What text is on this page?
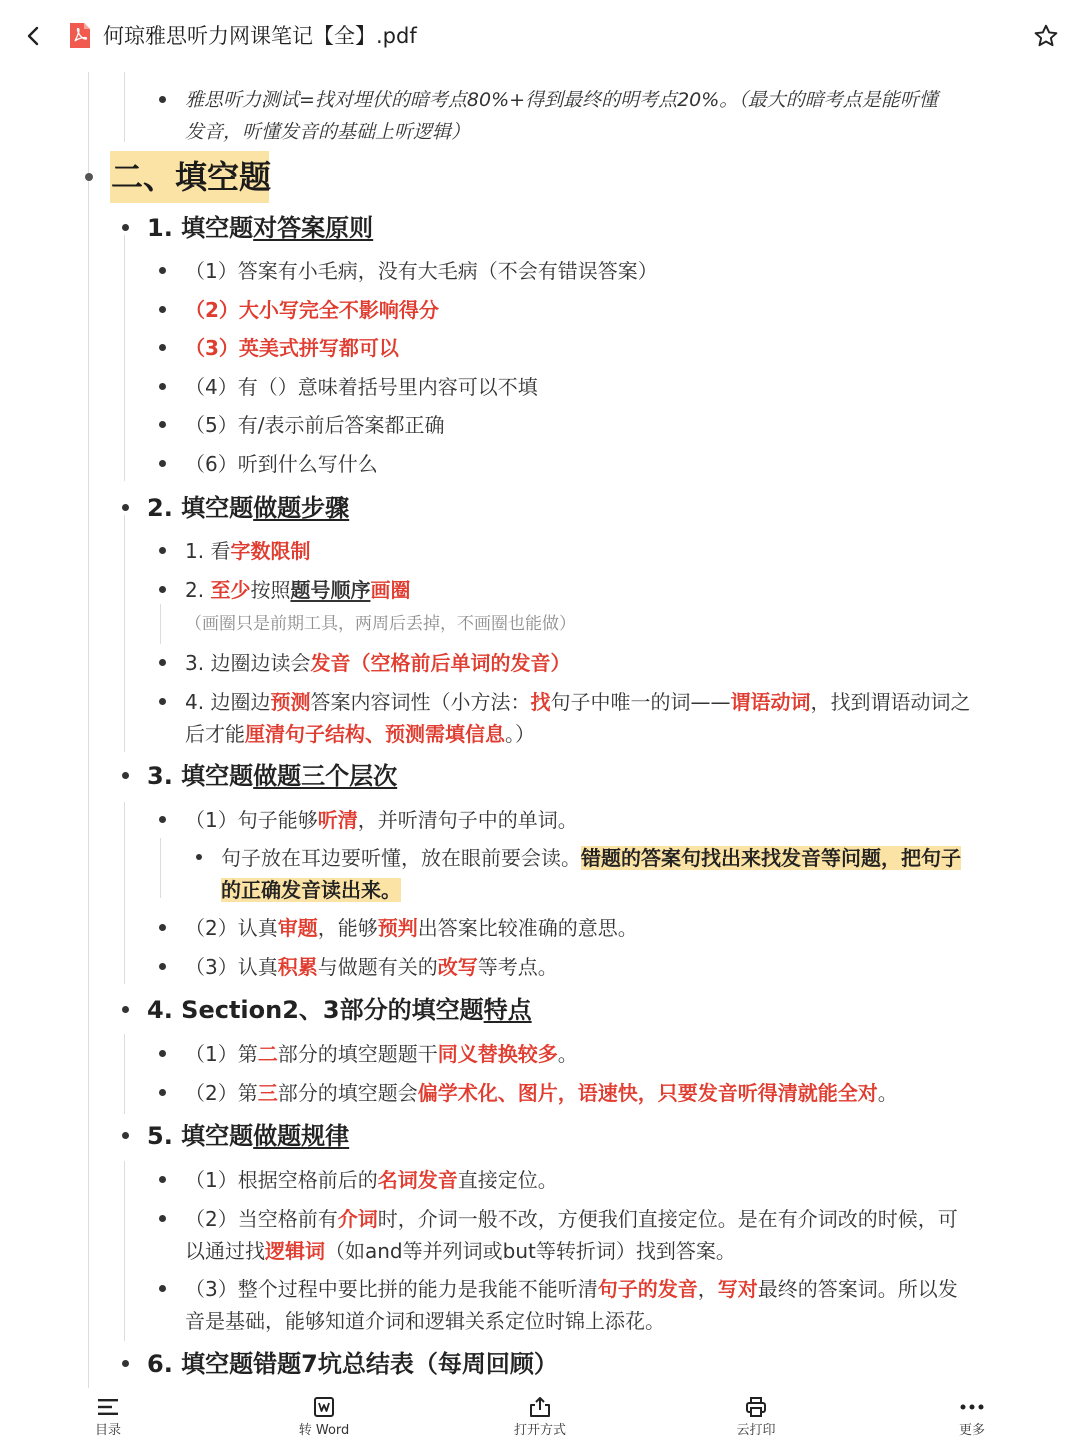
何琼雅思听力网课笔记【全】.pdf
雅思听力测试=找对埋伏的暗考点80%+得到最终的明考点20%。（最大的暗考点是能听懂
发音，听懂发音的基础上听逻辑）
二、填空题
1. 填空题对答案原则
（1）答案有小毛病，没有大毛病（不会有错误答案）
（2）大小写完全不影响得分
（3）英美式拼写都可以
（4）有（）意味着括号里内容可以不填
（5）有/表示前后答案都正确
（6）听到什么写什么
2. 填空题做题步骤
1. 看字数限制
2. 至少按照题号顺序画圈
（画圈只是前期工具，两周后丢掉，不画圈也能做）
3. 边圈边读会发音（空格前后单词的发音）
4. 边圈边预测答案内容词性（小方法：找句子中唯一的词——谓语动词，找到谓语动词之
后才能厘清句子结构、预测需填信息。）
3. 填空题做题三个层次
（1）句子能够听清，并听清句子中的单词。
句子放在耳边要听懂，放在眼前要会读。错题的答案句找出来找发音等问题，把句子
的正确发音读出来。
（2）认真审题，能够预判出答案比较准确的意思。
（3）认真积累与做题有关的改写等考点。
4. Section2、3部分的填空题特点
（1）第二部分的填空题题干同义替换较多。
（2）第三部分的填空题会偏学术化、图片，语速快，只要发音听得清就能全对。
5. 填空题做题规律
（1）根据空格前后的名词发音直接定位。
（2）当空格前有介词时，介词一般不改，方便我们直接定位。是在有介词改的时候，可
以通过找逻辑词（如and等并列词或but等转折词）找到答案。
（3）整个过程中要比拼的能力是我能不能听清句子的发音，写对最终的答案词。所以发
音是基础，能够知道介词和逻辑关系定位时锦上添花。
6. 填空题错题7坑总结表（每周回顾）
目录	转 Word	打开方式	云打印	更多
